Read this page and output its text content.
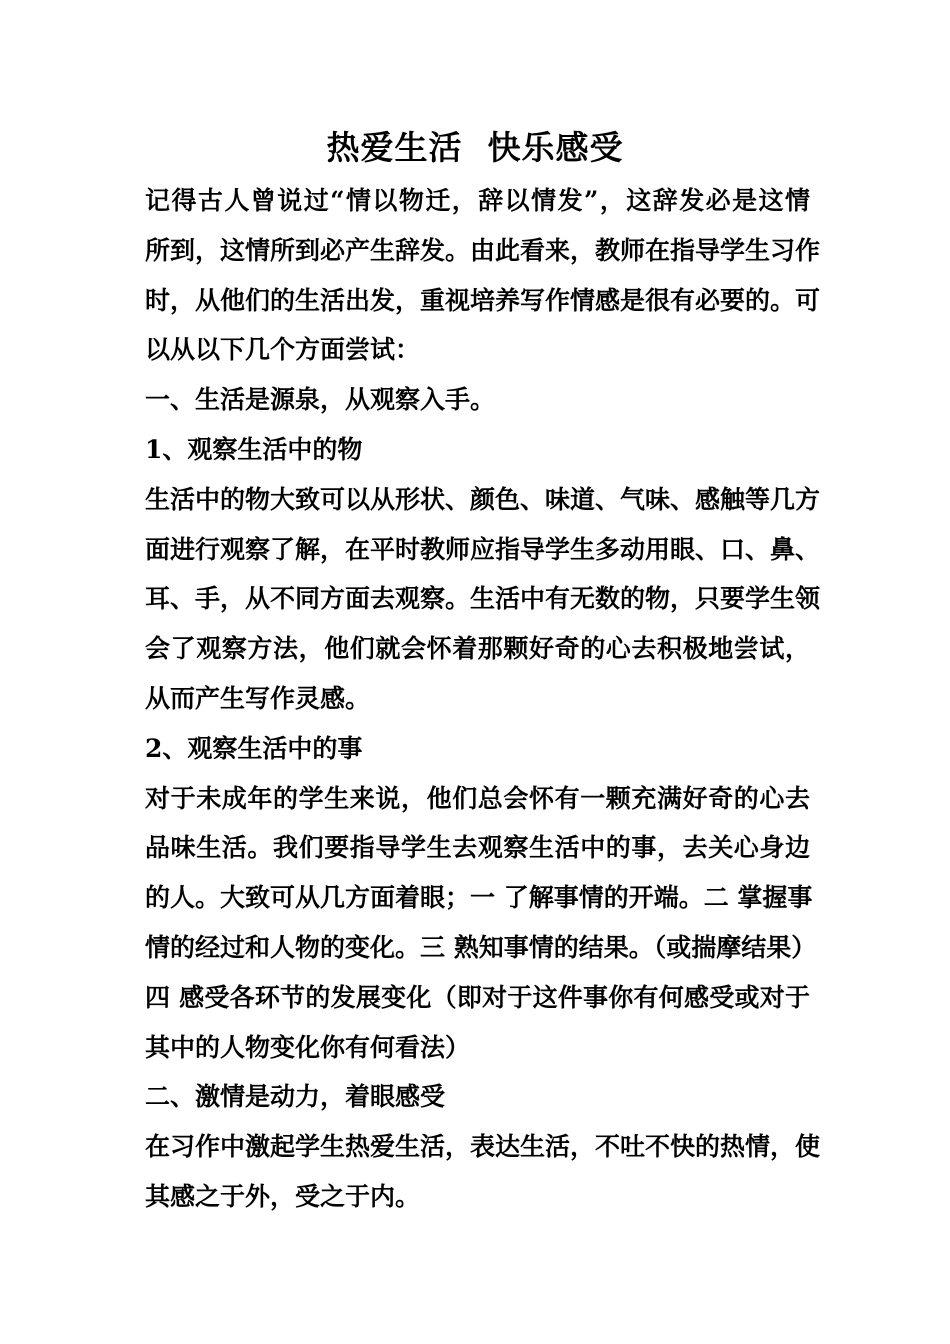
热爱生活  快乐感受
记得古人曾说过“情以物迁，辞以情发”，这辞发必是这情
所到，这情所到必产生辞发。由此看来，教师在指导学生习作
时，从他们的生活出发，重视培养写作情感是很有必要的。可
以从以下几个方面尝试：
一、生活是源泉，从观察入手。
1、观察生活中的物
生活中的物大致可以从形状、颜色、味道、气味、感触等几方
面进行观察了解，在平时教师应指导学生多动用眼、口、鼻、
耳、手，从不同方面去观察。生活中有无数的物，只要学生领
会了观察方法，他们就会怀着那颗好奇的心去积极地尝试，
从而产生写作灵感。
2、观察生活中的事
对于未成年的学生来说，他们总会怀有一颗充满好奇的心去
品味生活。我们要指导学生去观察生活中的事，去关心身边
的人。大致可从几方面着眼；一 了解事情的开端。二 掌握事
情的经过和人物的变化。三 熟知事情的结果。（或揣摩结果）
四 感受各环节的发展变化（即对于这件事你有何感受或对于
其中的人物变化你有何看法）
二、激情是动力，着眼感受
在习作中激起学生热爱生活，表达生活，不吐不快的热情，使
其感之于外，受之于内。
